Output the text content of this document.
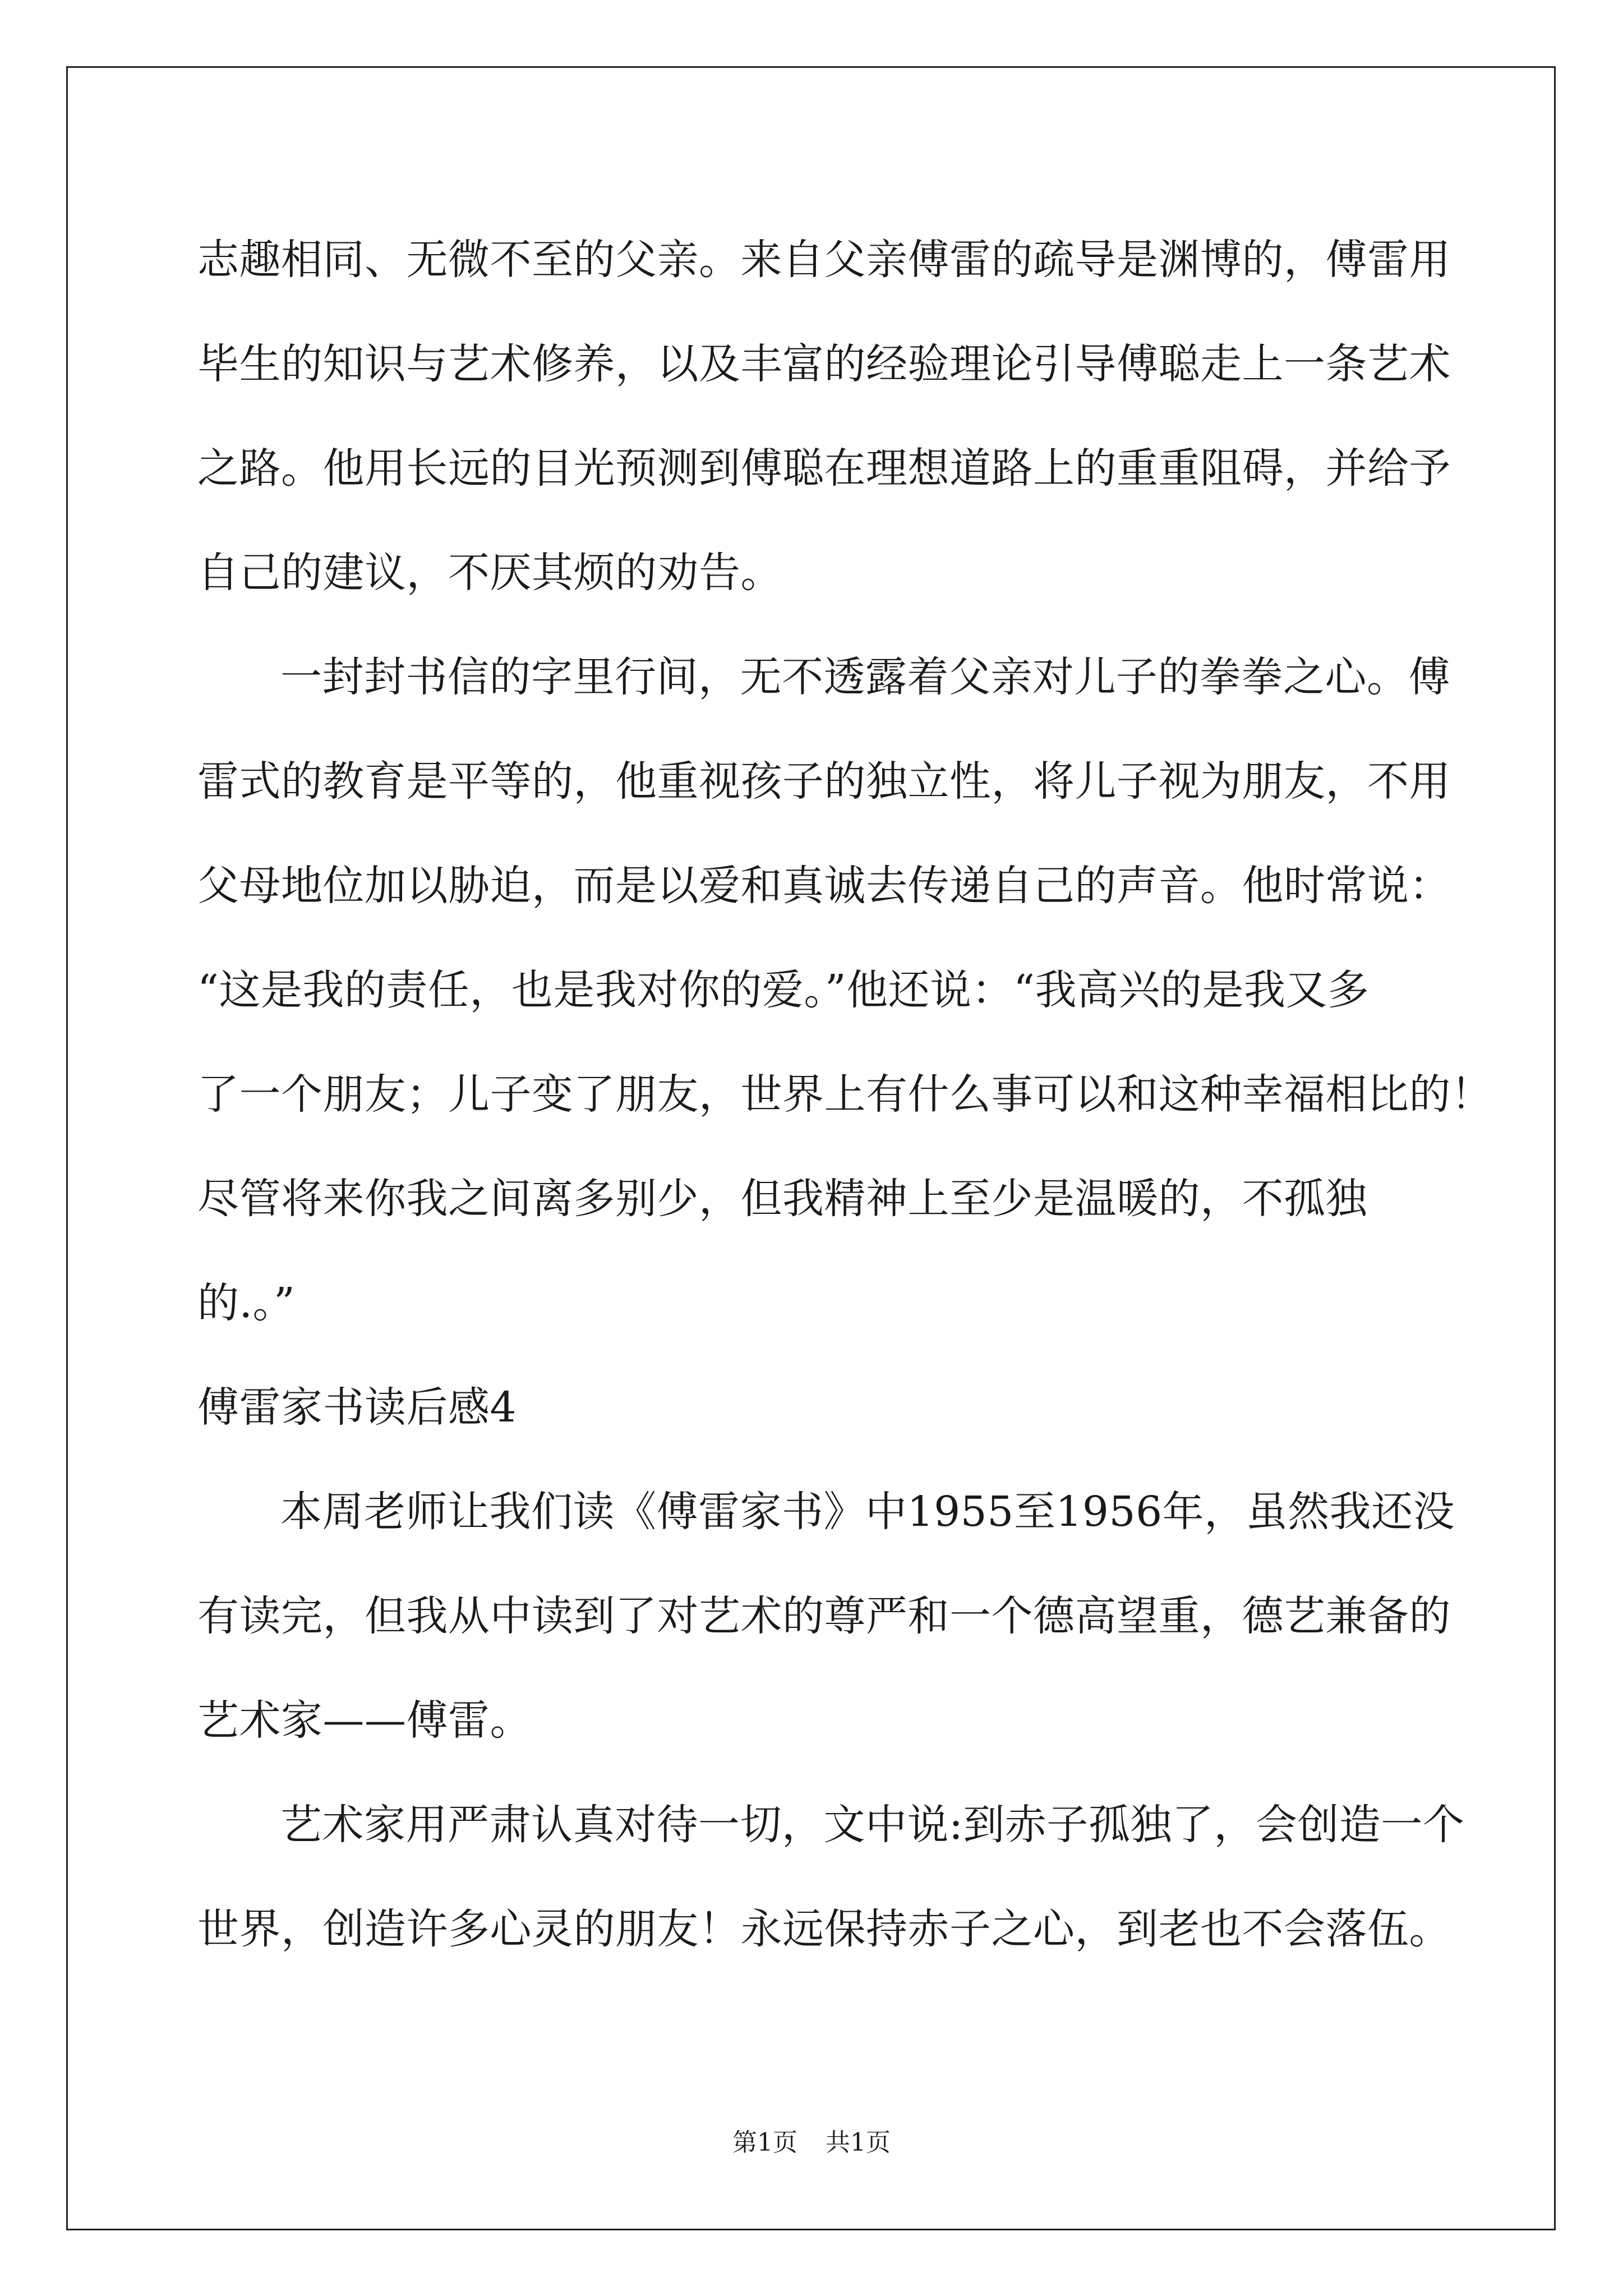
志趣相同、无微不至的父亲。来自父亲傅雷的疏导是渊博的，傅雷用
毕生的知识与艺术修养，以及丰富的经验理论引导傅聪走上一条艺术
之路。他用长远的目光预测到傅聪在理想道路上的重重阻碍，并给予
自己的建议，不厌其烦的劝告。
一封封书信的字里行间，无不透露着父亲对儿子的拳拳之心。傅
雷式的教育是平等的，他重视孩子的独立性，将儿子视为朋友，不用
父母地位加以胁迫，而是以爱和真诚去传递自己的声音。他时常说：
“这是我的责任，也是我对你的爱。”他还说：“我高兴的是我又多
了一个朋友；儿子变了朋友，世界上有什么事可以和这种幸福相比的！
尽管将来你我之间离多别少，但我精神上至少是温暖的，不孤独
的.。”
傅雷家书读后感4
本周老师让我们读《傅雷家书》中1955至1956年，虽然我还没
有读完，但我从中读到了对艺术的尊严和一个德高望重，德艺兼备的
艺术家——傅雷。
艺术家用严肃认真对待一切，文中说:到赤子孤独了，会创造一个
世界，创造许多心灵的朋友！永远保持赤子之心，到老也不会落伍。
第1页 共1页
